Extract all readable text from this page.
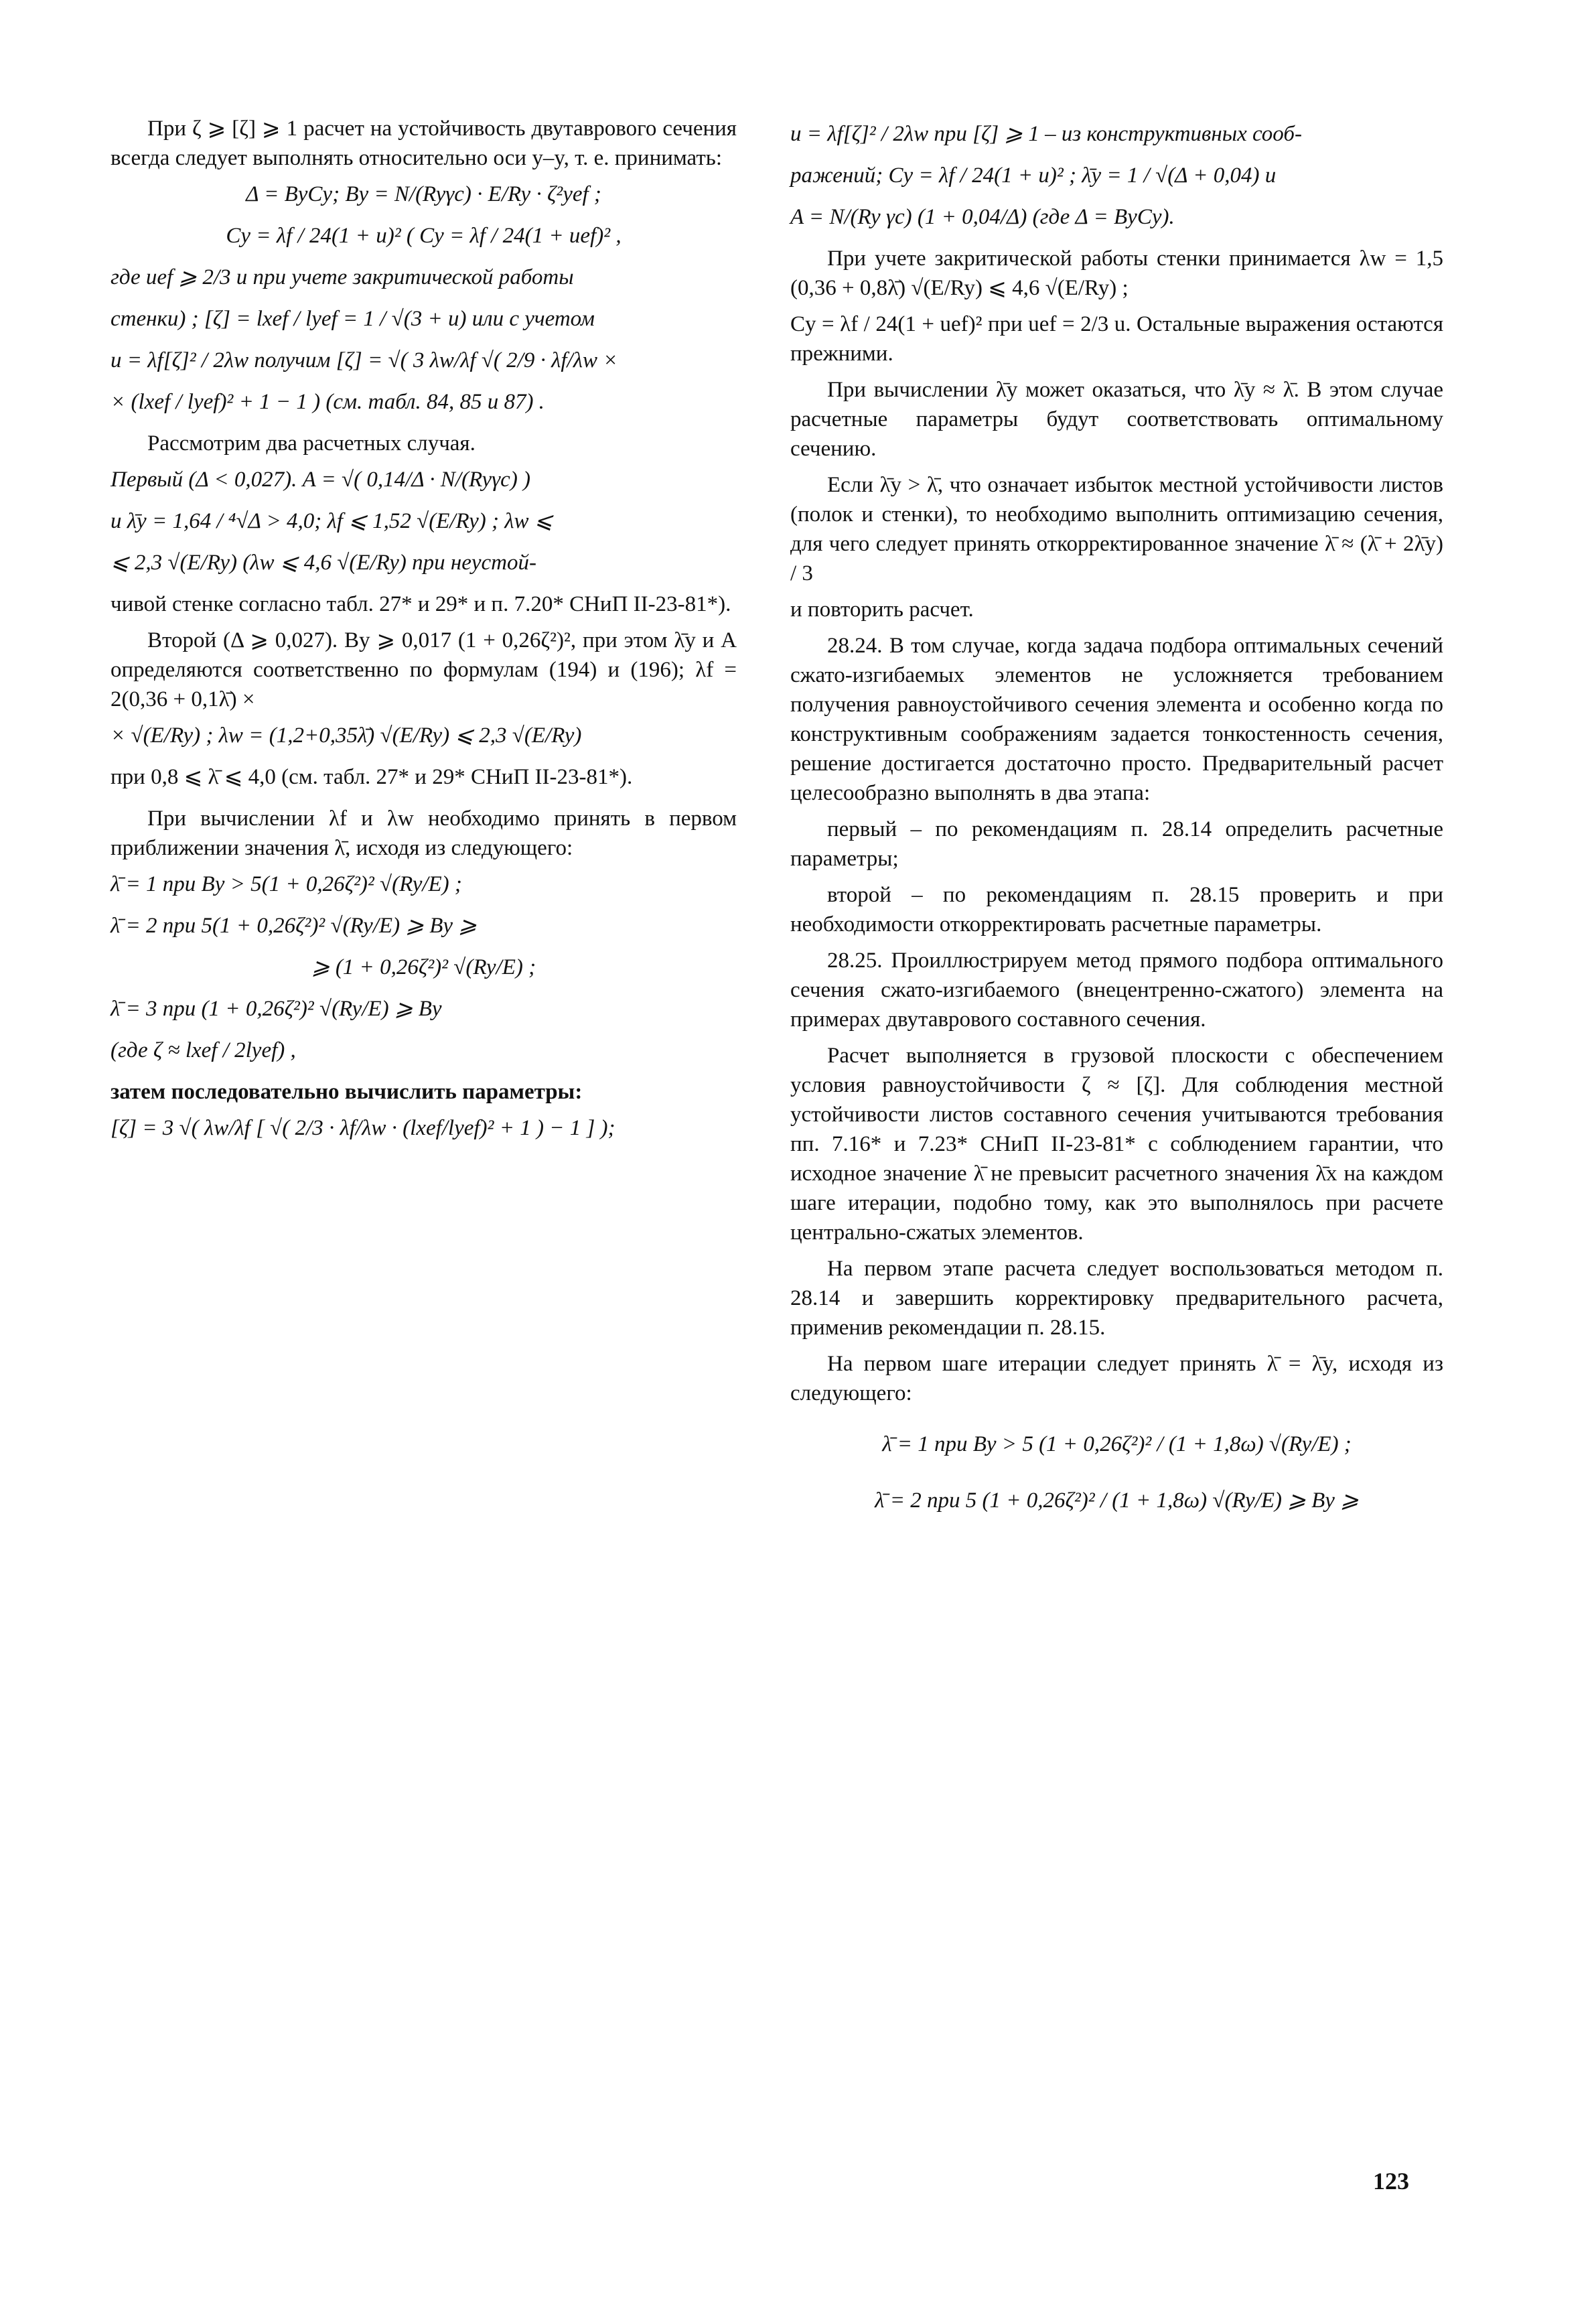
При ζ ⩾ [ζ] ⩾ 1 расчет на устойчивость двутаврового сечения всегда следует выполнять относительно оси y–y, т. е. принимать:

Δ = ByCy; By = N/(Ryγc) · E/Ry · ζ²yef ;
Cy = λf / 24(1 + u)² ( Cy = λf / 24(1 + uef)² ,
где uef ⩾ 2/3 u при учете закритической работы
стенки) ; [ζ] = lxef / lyef = 1 / √(3 + u) или с учетом
u = λf[ζ]² / 2λw получим [ζ] = √( 3 λw/λf √( 2/9 · λf/λw ×
× (lxef / lyef)² + 1 − 1 ) (см. табл. 84, 85 и 87) .

Рассмотрим два расчетных случая.

Первый (Δ < 0,027). A = √( 0,14/Δ · N/(Ryγc) )
и λ̄y = 1,64 / ⁴√Δ > 4,0; λf ⩽ 1,52 √(E/Ry) ; λw ⩽
⩽ 2,3 √(E/Ry) (λw ⩽ 4,6 √(E/Ry) при неустой-

чивой стенке согласно табл. 27* и 29* и п. 7.20* СНиП II-23-81*).

Второй (Δ ⩾ 0,027). By ⩾ 0,017 (1 + 0,26ζ²)², при этом λ̄y и A определяются соответственно по формулам (194) и (196); λf = 2(0,36 + 0,1λ̄) ×

× √(E/Ry) ; λw = (1,2+0,35λ̄) √(E/Ry) ⩽ 2,3 √(E/Ry)
при 0,8 ⩽ λ̄ ⩽ 4,0 (см. табл. 27* и 29* СНиП II-23-81*).

При вычислении λf и λw необходимо принять в первом приближении значения λ̄, исходя из следующего:

λ̄ = 1 при By > 5(1 + 0,26ζ²)² √(Ry/E) ;
λ̄ = 2 при 5(1 + 0,26ζ²)² √(Ry/E) ⩾ By ⩾
⩾ (1 + 0,26ζ²)² √(Ry/E) ;
λ̄ = 3 при (1 + 0,26ζ²)² √(Ry/E) ⩾ By
(где ζ ≈ lxef / 2lyef) ,

затем последовательно вычислить параметры:

[ζ] = 3 √( λw/λf [ √( 2/3 · λf/λw · (lxef/lyef)² + 1 ) − 1 ] );
u = λf[ζ]² / 2λw при [ζ] ⩾ 1 – из конструктивных сооб-
ражений; Cy = λf / 24(1 + u)² ; λ̄y = 1 / √(Δ + 0,04) и
A = N/(Ry γc) (1 + 0,04/Δ) (где Δ = ByCy).

При учете закритической работы стенки принимается λw = 1,5 (0,36 + 0,8λ̄) √(E/Ry) ⩽ 4,6 √(E/Ry) ;

Cy = λf / 24(1 + uef)² при uef = 2/3 u. Остальные выражения остаются прежними.

При вычислении λ̄y может оказаться, что λ̄y ≈ λ̄. В этом случае расчетные параметры будут соответствовать оптимальному сечению.

Если λ̄y > λ̄, что означает избыток местной устойчивости листов (полок и стенки), то необходимо выполнить оптимизацию сечения, для чего следует принять откорректированное значение λ̄ ≈ (λ̄ + 2λ̄y) / 3

и повторить расчет.

28.24. В том случае, когда задача подбора оптимальных сечений сжато-изгибаемых элементов не усложняется требованием получения равноустойчивого сечения элемента и особенно когда по конструктивным соображениям задается тонкостенность сечения, решение достигается достаточно просто. Предварительный расчет целесообразно выполнять в два этапа:

первый – по рекомендациям п. 28.14 определить расчетные параметры;

второй – по рекомендациям п. 28.15 проверить и при необходимости откорректировать расчетные параметры.

28.25. Проиллюстрируем метод прямого подбора оптимального сечения сжато-изгибаемого (внецентренно-сжатого) элемента на примерах двутаврового составного сечения.

Расчет выполняется в грузовой плоскости с обеспечением условия равноустойчивости ζ ≈ [ζ]. Для соблюдения местной устойчивости листов составного сечения учитываются требования пп. 7.16* и 7.23* СНиП II-23-81* с соблюдением гарантии, что исходное значение λ̄ не превысит расчетного значения λ̄x на каждом шаге итерации, подобно тому, как это выполнялось при расчете центрально-сжатых элементов.

На первом этапе расчета следует воспользоваться методом п. 28.14 и завершить корректировку предварительного расчета, применив рекомендации п. 28.15.

На первом шаге итерации следует принять λ̄ = λ̄y, исходя из следующего:

λ̄ = 1 при By > 5 (1 + 0,26ζ²)² / (1 + 1,8ω) √(Ry/E) ;
λ̄ = 2 при 5 (1 + 0,26ζ²)² / (1 + 1,8ω) √(Ry/E) ⩾ By ⩾
123
